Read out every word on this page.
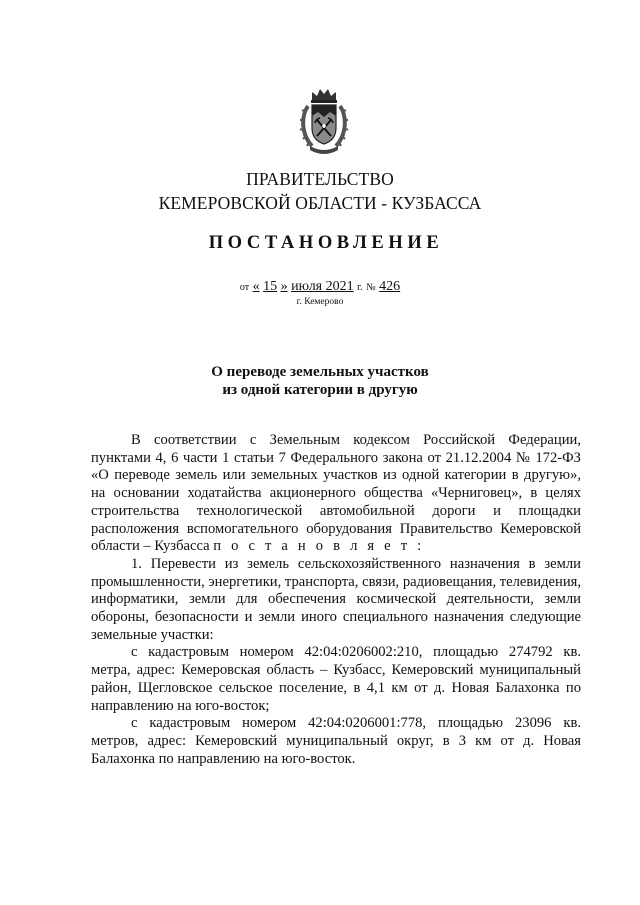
ПРАВИТЕЛЬСТВО
КЕМЕРОВСКОЙ ОБЛАСТИ - КУЗБАССА
ПОСТАНОВЛЕНИЕ
от « 15 » июля 2021 г. № 426
г. Кемерово
О переводе земельных участков
из одной категории в другую

В соответствии с Земельным кодексом Российской Федерации, пунктами 4, 6 части 1 статьи 7 Федерального закона от 21.12.2004 № 172-ФЗ «О переводе земель или земельных участков из одной категории в другую», на основании ходатайства акционерного общества «Черниговец», в целях строительства технологической автомобильной дороги и площадки расположения вспомогательного оборудования Правительство Кемеровской области – Кузбасса п о с т а н о в л я е т :

1. Перевести из земель сельскохозяйственного назначения в земли промышленности, энергетики, транспорта, связи, радиовещания, телевидения, информатики, земли для обеспечения космической деятельности, земли обороны, безопасности и земли иного специального назначения следующие земельные участки:

с кадастровым номером 42:04:0206002:210, площадью 274792 кв. метра, адрес: Кемеровская область – Кузбасс, Кемеровский муниципальный район, Щегловское сельское поселение, в 4,1 км от д. Новая Балахонка по направлению на юго-восток;

с кадастровым номером 42:04:0206001:778, площадью 23096 кв. метров, адрес: Кемеровский муниципальный округ, в 3 км от д. Новая Балахонка по направлению на юго-восток.
